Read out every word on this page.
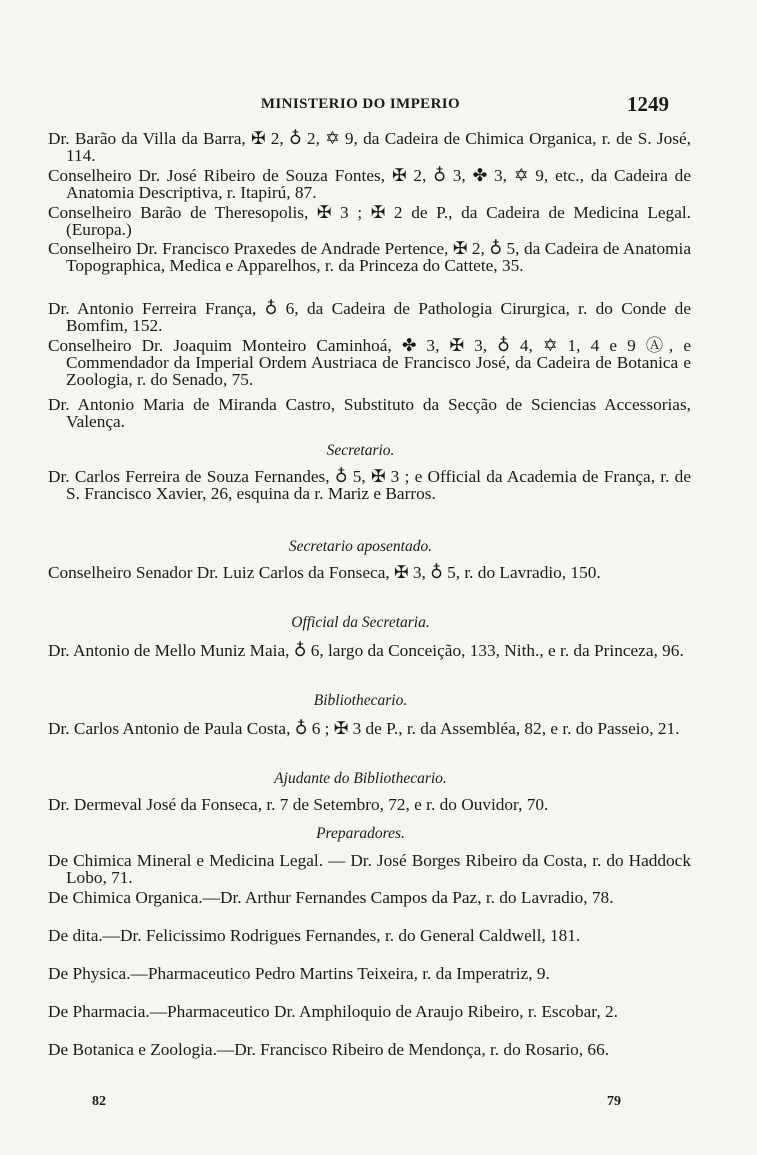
MINISTERIO DO IMPERIO	1249

Dr. Barão da Villa da Barra, ✠ 2, ♁ 2, ✡ 9, da Cadeira de Chimica Organica, r. de S. José, 114.

Conselheiro Dr. José Ribeiro de Souza Fontes, ✠ 2, ♁ 3, ✤ 3, ✡ 9, etc., da Cadeira de Anatomia Descriptiva, r. Itapirú, 87.

Conselheiro Barão de Theresopolis, ✠ 3 ; ✠ 2 de P., da Cadeira de Medicina Legal. (Europa.)

Conselheiro Dr. Francisco Praxedes de Andrade Pertence, ✠ 2, ♁ 5, da Cadeira de Anatomia Topographica, Medica e Apparelhos, r. da Princeza do Cattete, 35.

Dr. Antonio Ferreira França, ♁ 6, da Cadeira de Pathologia Cirurgica, r. do Conde de Bomfim, 152.

Conselheiro Dr. Joaquim Monteiro Caminhoá, ✤ 3, ✠ 3, ♁ 4, ✡ 1, 4 e 9 Ⓐ, e Commendador da Imperial Ordem Austriaca de Francisco José, da Cadeira de Botanica e Zoologia, r. do Senado, 75.

Dr. Antonio Maria de Miranda Castro, Substituto da Secção de Sciencias Accessorias, Valença.

Secretario.

Dr. Carlos Ferreira de Souza Fernandes, ♁ 5, ✠ 3 ; e Official da Academia de França, r. de S. Francisco Xavier, 26, esquina da r. Mariz e Barros.

Secretario aposentado.

Conselheiro Senador Dr. Luiz Carlos da Fonseca, ✠ 3, ♁ 5, r. do Lavradio, 150.

Official da Secretaria.

Dr. Antonio de Mello Muniz Maia, ♁ 6, largo da Conceição, 133, Nith., e r. da Princeza, 96.

Bibliothecario.

Dr. Carlos Antonio de Paula Costa, ♁ 6 ; ✠ 3 de P., r. da Assembléa, 82, e r. do Passeio, 21.

Ajudante do Bibliothecario.

Dr. Dermeval José da Fonseca, r. 7 de Setembro, 72, e r. do Ouvidor, 70.

Preparadores.

De Chimica Mineral e Medicina Legal. — Dr. José Borges Ribeiro da Costa, r. do Haddock Lobo, 71.

De Chimica Organica.—Dr. Arthur Fernandes Campos da Paz, r. do Lavradio, 78.

De dita.—Dr. Felicissimo Rodrigues Fernandes, r. do General Caldwell, 181.

De Physica.—Pharmaceutico Pedro Martins Teixeira, r. da Imperatriz, 9.

De Pharmacia.—Pharmaceutico Dr. Amphiloquio de Araujo Ribeiro, r. Escobar, 2.

De Botanica e Zoologia.—Dr. Francisco Ribeiro de Mendonça, r. do Rosario, 66.

82	79
